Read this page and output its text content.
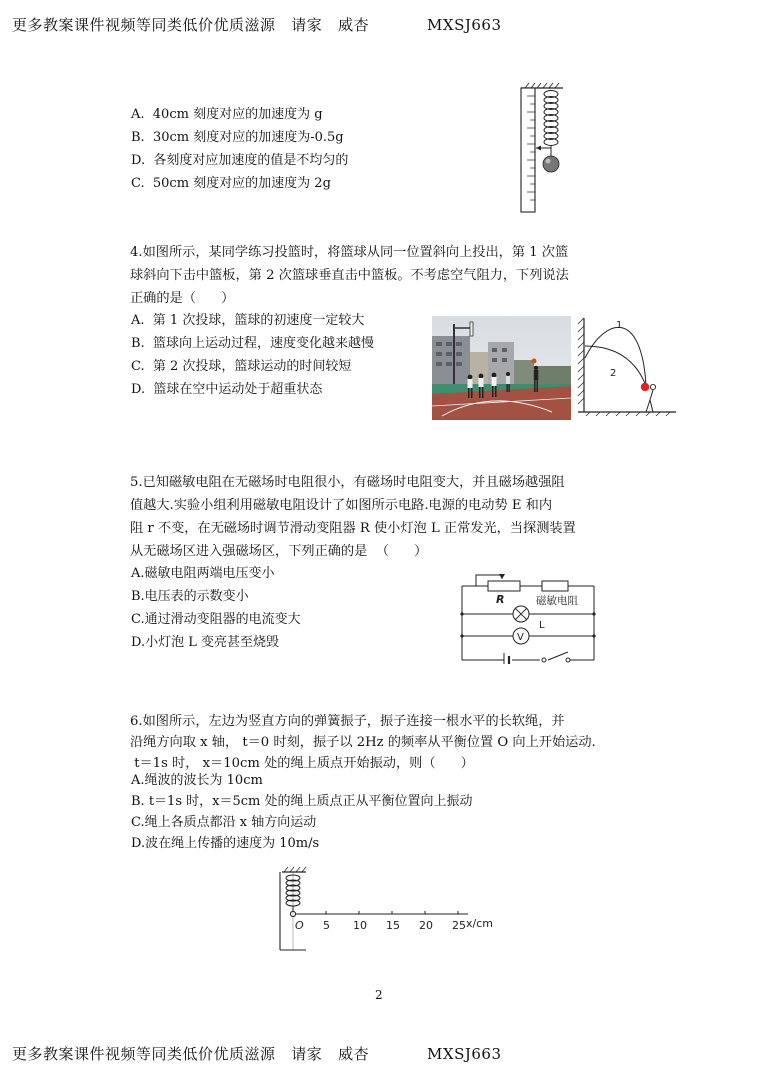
更多教案课件视频等同类低价优质滋源   请家   威杏           MXSJ663
A.  40cm 刻度对应的加速度为 g
B.  30cm 刻度对应的加速度为-0.5g
D.  各刻度对应加速度的值是不均匀的
C.  50cm 刻度对应的加速度为 2g
4.如图所示，某同学练习投篮时，将篮球从同一位置斜向上投出，第 1 次篮
球斜向下击中篮板，第 2 次篮球垂直击中篮板。不考虑空气阻力，下列说法
正确的是（      ）
A.  第 1 次投球，篮球的初速度一定较大
B.  篮球向上运动过程，速度变化越来越慢
C.  第 2 次投球，篮球运动的时间较短
D.  篮球在空中运动处于超重状态
1
2
5.已知磁敏电阻在无磁场时电阻很小，有磁场时电阻变大，并且磁场越强阻
值越大.实验小组利用磁敏电阻设计了如图所示电路.电源的电动势 E 和内
阻 r 不变，在无磁场时调节滑动变阻器 R 使小灯泡 L 正常发光，当探测装置
从无磁场区进入强磁场区，下列正确的是  （      ）
A.磁敏电阻两端电压变小
B.电压表的示数变小
C.通过滑动变阻器的电流变大
D.小灯泡 L 变亮甚至烧毁
R	磁敏电阻
L
V
6.如图所示，左边为竖直方向的弹簧振子，振子连接一根水平的长软绳，并
沿绳方向取 x 轴， t＝0 时刻，振子以 2Hz 的频率从平衡位置 O 向上开始运动.
t＝1s 时， x＝10cm 处的绳上质点开始振动，则（      ）
A.绳波的波长为 10cm
B. t＝1s 时，x＝5cm 处的绳上质点正从平衡位置向上振动
C.绳上各质点都沿 x 轴方向运动
D.波在绳上传播的速度为 10m/s
O 5 10 15 20 25 x/cm
2
更多教案课件视频等同类低价优质滋源   请家   威杏           MXSJ663
